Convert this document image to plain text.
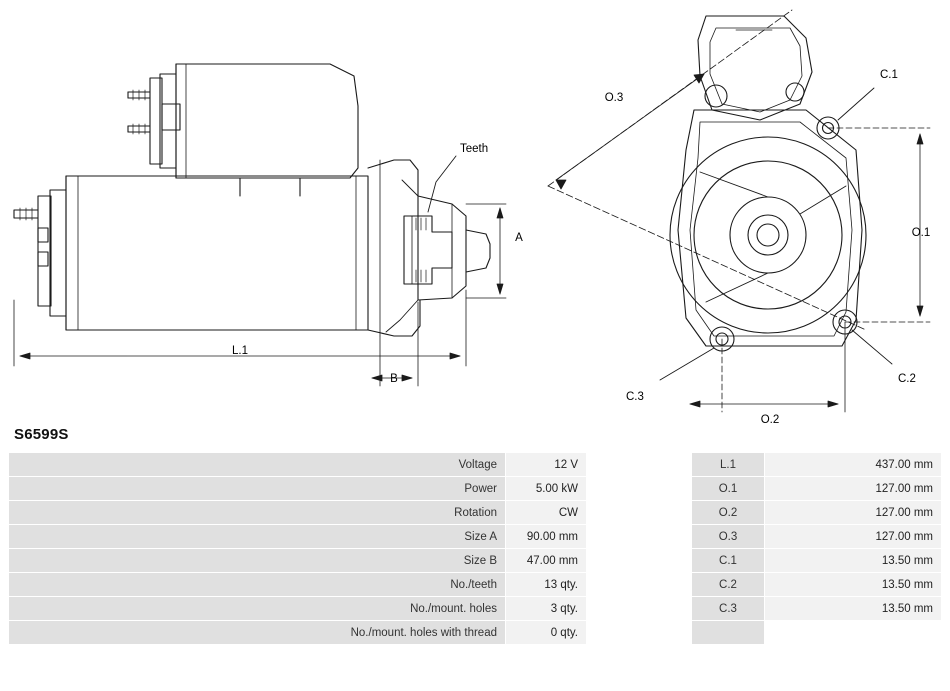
Teeth
L.1
A
B
O.3
O.1
O.2
C.1
C.2
C.3
S6599S
Voltage	12 V		L.1	437.00 mm
Power	5.00 kW		O.1	127.00 mm
Rotation	CW		O.2	127.00 mm
Size A	90.00 mm		O.3	127.00 mm
Size B	47.00 mm		C.1	13.50 mm
No./teeth	13 qty.		C.2	13.50 mm
No./mount. holes	3 qty.		C.3	13.50 mm
No./mount. holes with thread	0 qty.			
